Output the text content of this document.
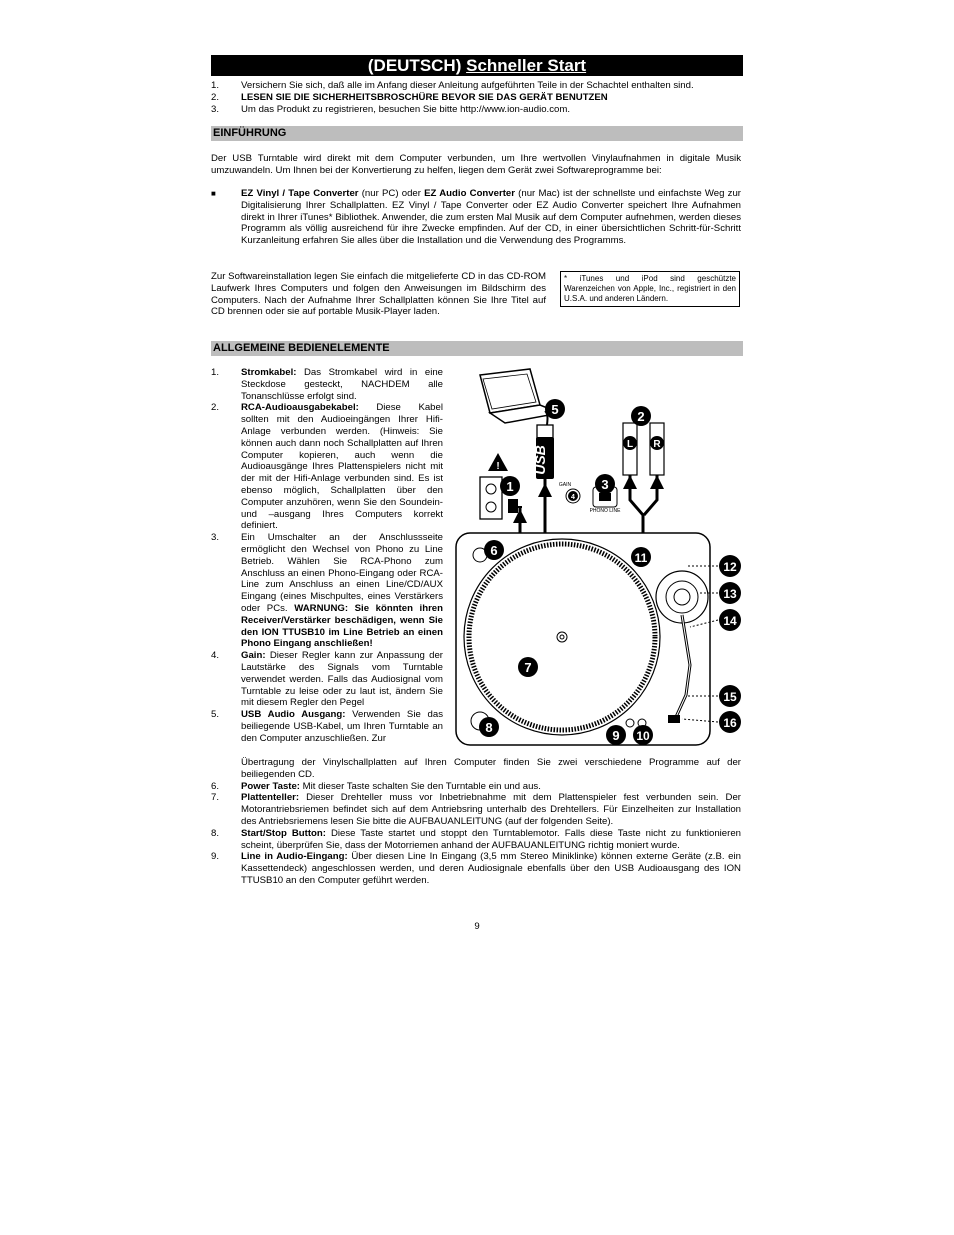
(DEUTSCH) Schneller Start
1.	Versichern Sie sich, daß alle im Anfang dieser Anleitung aufgeführten Teile in der Schachtel enthalten sind.
2.	LESEN SIE DIE SICHERHEITSBROSCHÜRE BEVOR SIE DAS GERÄT BENUTZEN
3.	Um das Produkt zu registrieren, besuchen Sie bitte http://www.ion-audio.com.
EINFÜHRUNG
Der USB Turntable wird direkt mit dem Computer verbunden, um Ihre wertvollen Vinylaufnahmen in digitale Musik umzuwandeln. Um Ihnen bei der Konvertierung zu helfen, liegen dem Gerät zwei Softwareprogramme bei:
■	EZ Vinyl / Tape Converter (nur PC) oder EZ Audio Converter (nur Mac) ist der schnellste und einfachste Weg zur Digitalisierung Ihrer Schallplatten. EZ Vinyl / Tape Converter oder EZ Audio Converter speichert Ihre Aufnahmen direkt in Ihrer iTunes* Bibliothek. Anwender, die zum ersten Mal Musik auf dem Computer aufnehmen, werden dieses Programm als völlig ausreichend für ihre Zwecke empfinden. Auf der CD, in einer übersichtlichen Schritt-für-Schritt Kurzanleitung erfahren Sie alles über die Installation und die Verwendung des Programms.
Zur Softwareinstallation legen Sie einfach die mitgelieferte CD in das CD-ROM Laufwerk Ihres Computers und folgen den Anweisungen im Bildschirm des Computers. Nach der Aufnahme Ihrer Schallplatten können Sie Ihre Titel auf CD brennen oder sie auf portable Musik-Player laden.
* iTunes und iPod sind geschützte Warenzeichen von Apple, Inc., registriert in den U.S.A. und anderen Ländern.
ALLGEMEINE BEDIENELEMENTE
1.	Stromkabel: Das Stromkabel wird in eine Steckdose gesteckt, NACHDEM alle Tonanschlüsse erfolgt sind.
2.	RCA-Audioausgabekabel: Diese Kabel sollten mit den Audioeingängen Ihrer Hifi-Anlage verbunden werden. (Hinweis: Sie können auch dann noch Schallplatten auf Ihren Computer kopieren, auch wenn die Audioausgänge Ihres Plattenspielers nicht mit der mit der Hifi-Anlage verbunden sind. Es ist ebenso möglich, Schallplatten über den Computer anzuhören, wenn Sie den Soundein- und –ausgang Ihres Computers korrekt definiert.
3.	Ein Umschalter an der Anschlussseite ermöglicht den Wechsel von Phono zu Line Betrieb. Wählen Sie RCA-Phono zum Anschluss an einen Phono-Eingang oder RCA-Line zum Anschluss an einen Line/CD/AUX Eingang (eines Mischpultes, eines Verstärkers oder PCs. WARNUNG: Sie könnten ihren Receiver/Verstärker beschädigen, wenn Sie den ION TTUSB10 im Line Betrieb an einen Phono Eingang anschließen!
4.	Gain: Dieser Regler kann zur Anpassung der Lautstärke des Signals vom Turntable verwendet werden. Falls das Audiosignal vom Turntable zu leise oder zu laut ist, ändern Sie mit diesem Regler den Pegel
5.	USB Audio Ausgang: Verwenden Sie das beiliegende USB-Kabel, um Ihren Turntable an den Computer anzuschließen. Zur
Übertragung der Vinylschallplatten auf Ihren Computer finden Sie zwei verschiedene Programme auf der beiliegenden CD.
6.	Power Taste: Mit dieser Taste schalten Sie den Turntable ein und aus.
7.	Plattenteller: Dieser Drehteller muss vor Inbetriebnahme mit dem Plattenspieler fest verbunden sein. Der Motorantriebsriemen befindet sich auf dem Antriebsring unterhalb des Drehtellers. Für Einzelheiten zur Installation des Antriebsriemens lesen Sie bitte die AUFBAUANLEITUNG (auf der folgenden Seite).
8.	Start/Stop Button: Diese Taste startet und stoppt den Turntablemotor. Falls diese Taste nicht zu funktionieren scheint, überprüfen Sie, dass der Motorriemen anhand der AUFBAUANLEITUNG richtig moniert wurde.
9.	Line in Audio-Eingang: Über diesen Line In Eingang (3,5 mm Stereo Miniklinke) können externe Geräte (z.B. ein Kassettendeck) angeschlossen werden, und deren Audiosignale ebenfalls über den USB Audioausgang des ION TTUSB10 an den Computer geführt werden.
USB
!
GAIN
PHONO LINE
L R
1
2
3
4
5
6
7
8
9 10
11
12
13
14
15
16
9
